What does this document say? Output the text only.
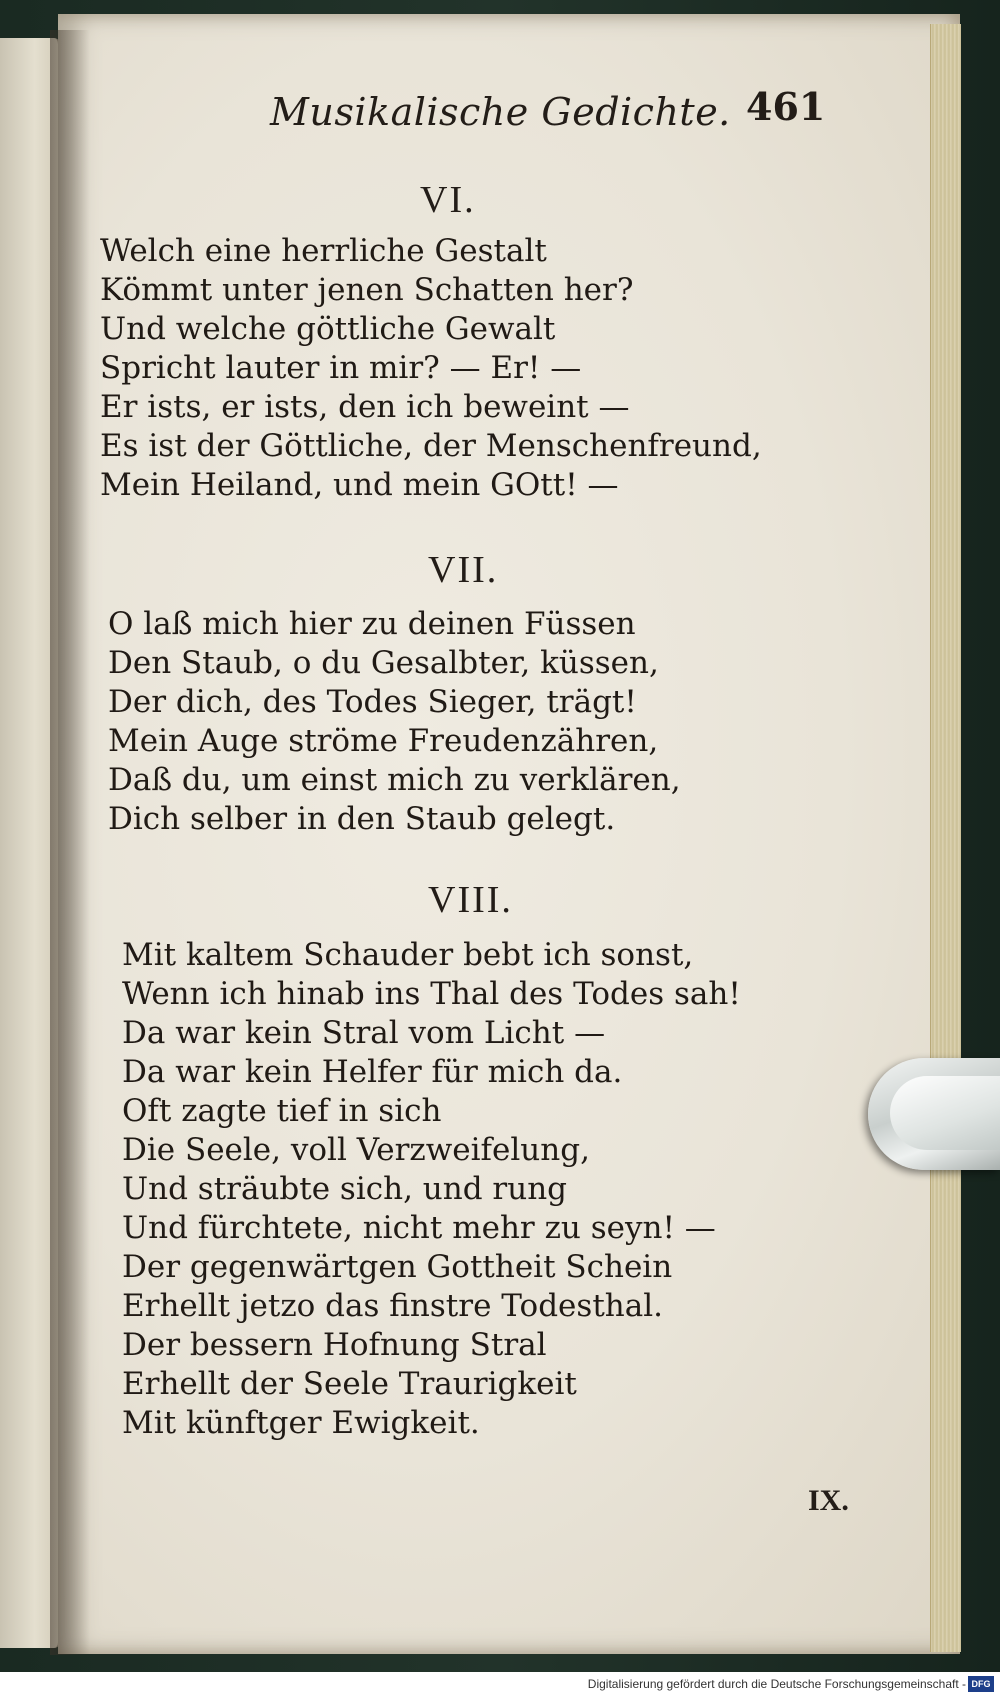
Musikalische Gedichte. 461
VI.
Welch eine herrliche Gestalt
Kömmt unter jenen Schatten her?
Und welche göttliche Gewalt
Spricht lauter in mir? — Er! —
Er ists, er ists, den ich beweint —
Es ist der Göttliche, der Menschenfreund,
Mein Heiland, und mein GOtt! —
VII.
O laß mich hier zu deinen Füssen
Den Staub, o du Gesalbter, küssen,
Der dich, des Todes Sieger, trägt!
Mein Auge ströme Freudenzähren,
Daß du, um einst mich zu verklären,
Dich selber in den Staub gelegt.
VIII.
Mit kaltem Schauder bebt ich sonst,
Wenn ich hinab ins Thal des Todes sah!
Da war kein Stral vom Licht —
Da war kein Helfer für mich da.
Oft zagte tief in sich
Die Seele, voll Verzweifelung,
Und sträubte sich, und rung
Und fürchtete, nicht mehr zu seyn! —
Der gegenwärtgen Gottheit Schein
Erhellt jetzo das finstre Todesthal.
Der bessern Hofnung Stral
Erhellt der Seele Traurigkeit
Mit künftger Ewigkeit.
IX.
Digitalisierung gefördert durch die Deutsche Forschungsgemeinschaft - DFG
